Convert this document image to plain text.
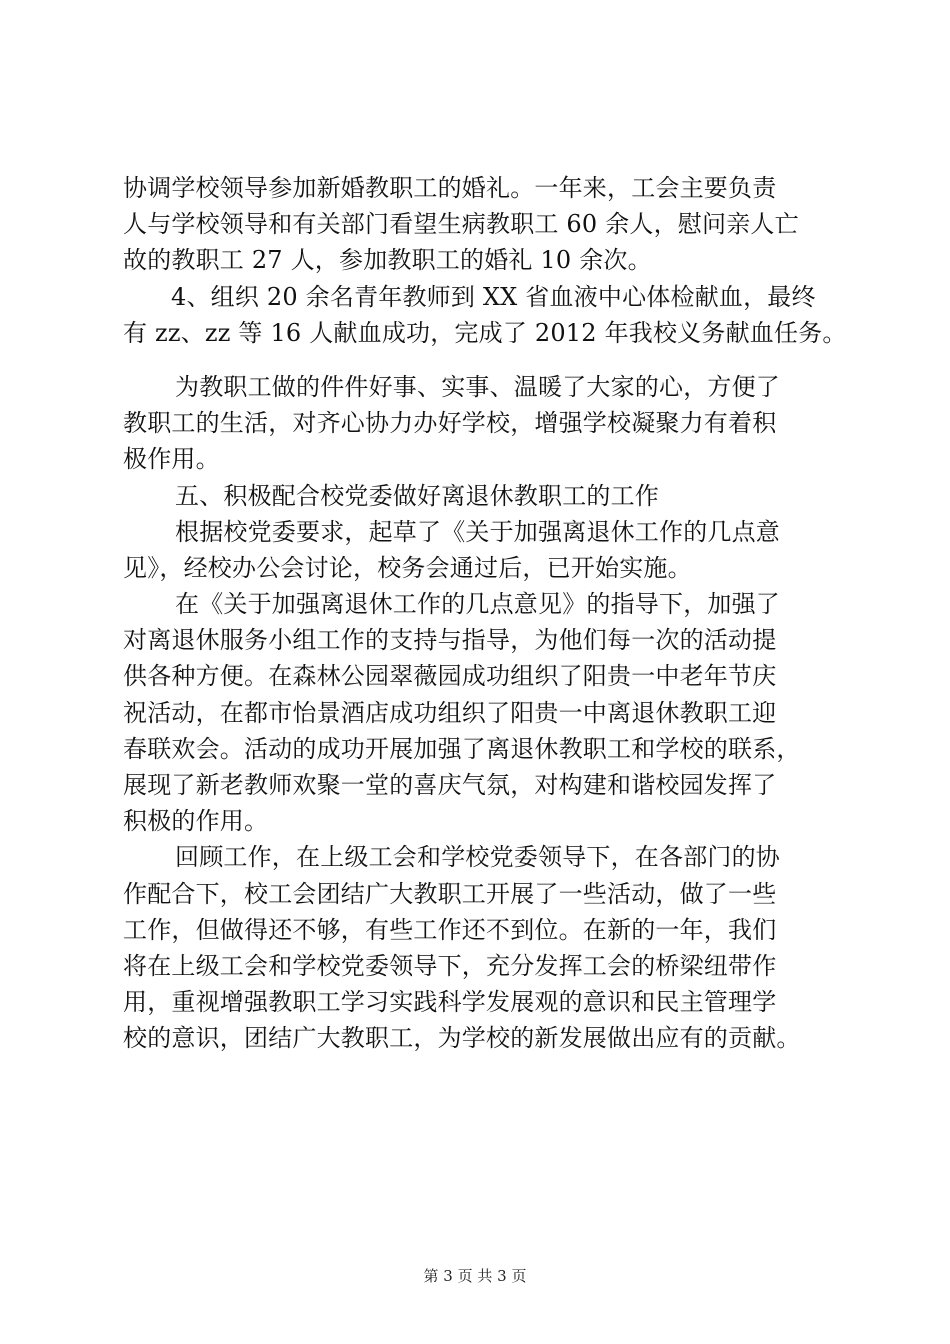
协调学校领导参加新婚教职工的婚礼。一年来，工会主要负责
人与学校领导和有关部门看望生病教职工 60 余人，慰问亲人亡
故的教职工 27 人，参加教职工的婚礼 10 余次。
4、组织 20 余名青年教师到 XX 省血液中心体检献血，最终
有 zz、zz 等 16 人献血成功，完成了 2012 年我校义务献血任务。
为教职工做的件件好事、实事、温暖了大家的心，方便了
教职工的生活，对齐心协力办好学校，增强学校凝聚力有着积
极作用。
五、积极配合校党委做好离退休教职工的工作
根据校党委要求，起草了《关于加强离退休工作的几点意
见》，经校办公会讨论，校务会通过后，已开始实施。
在《关于加强离退休工作的几点意见》的指导下，加强了
对离退休服务小组工作的支持与指导，为他们每一次的活动提
供各种方便。在森林公园翠薇园成功组织了阳贵一中老年节庆
祝活动，在都市怡景酒店成功组织了阳贵一中离退休教职工迎
春联欢会。活动的成功开展加强了离退休教职工和学校的联系，
展现了新老教师欢聚一堂的喜庆气氛，对构建和谐校园发挥了
积极的作用。
回顾工作，在上级工会和学校党委领导下，在各部门的协
作配合下，校工会团结广大教职工开展了一些活动，做了一些
工作，但做得还不够，有些工作还不到位。在新的一年，我们
将在上级工会和学校党委领导下，充分发挥工会的桥梁纽带作
用，重视增强教职工学习实践科学发展观的意识和民主管理学
校的意识，团结广大教职工，为学校的新发展做出应有的贡献。
第 3 页 共 3 页
